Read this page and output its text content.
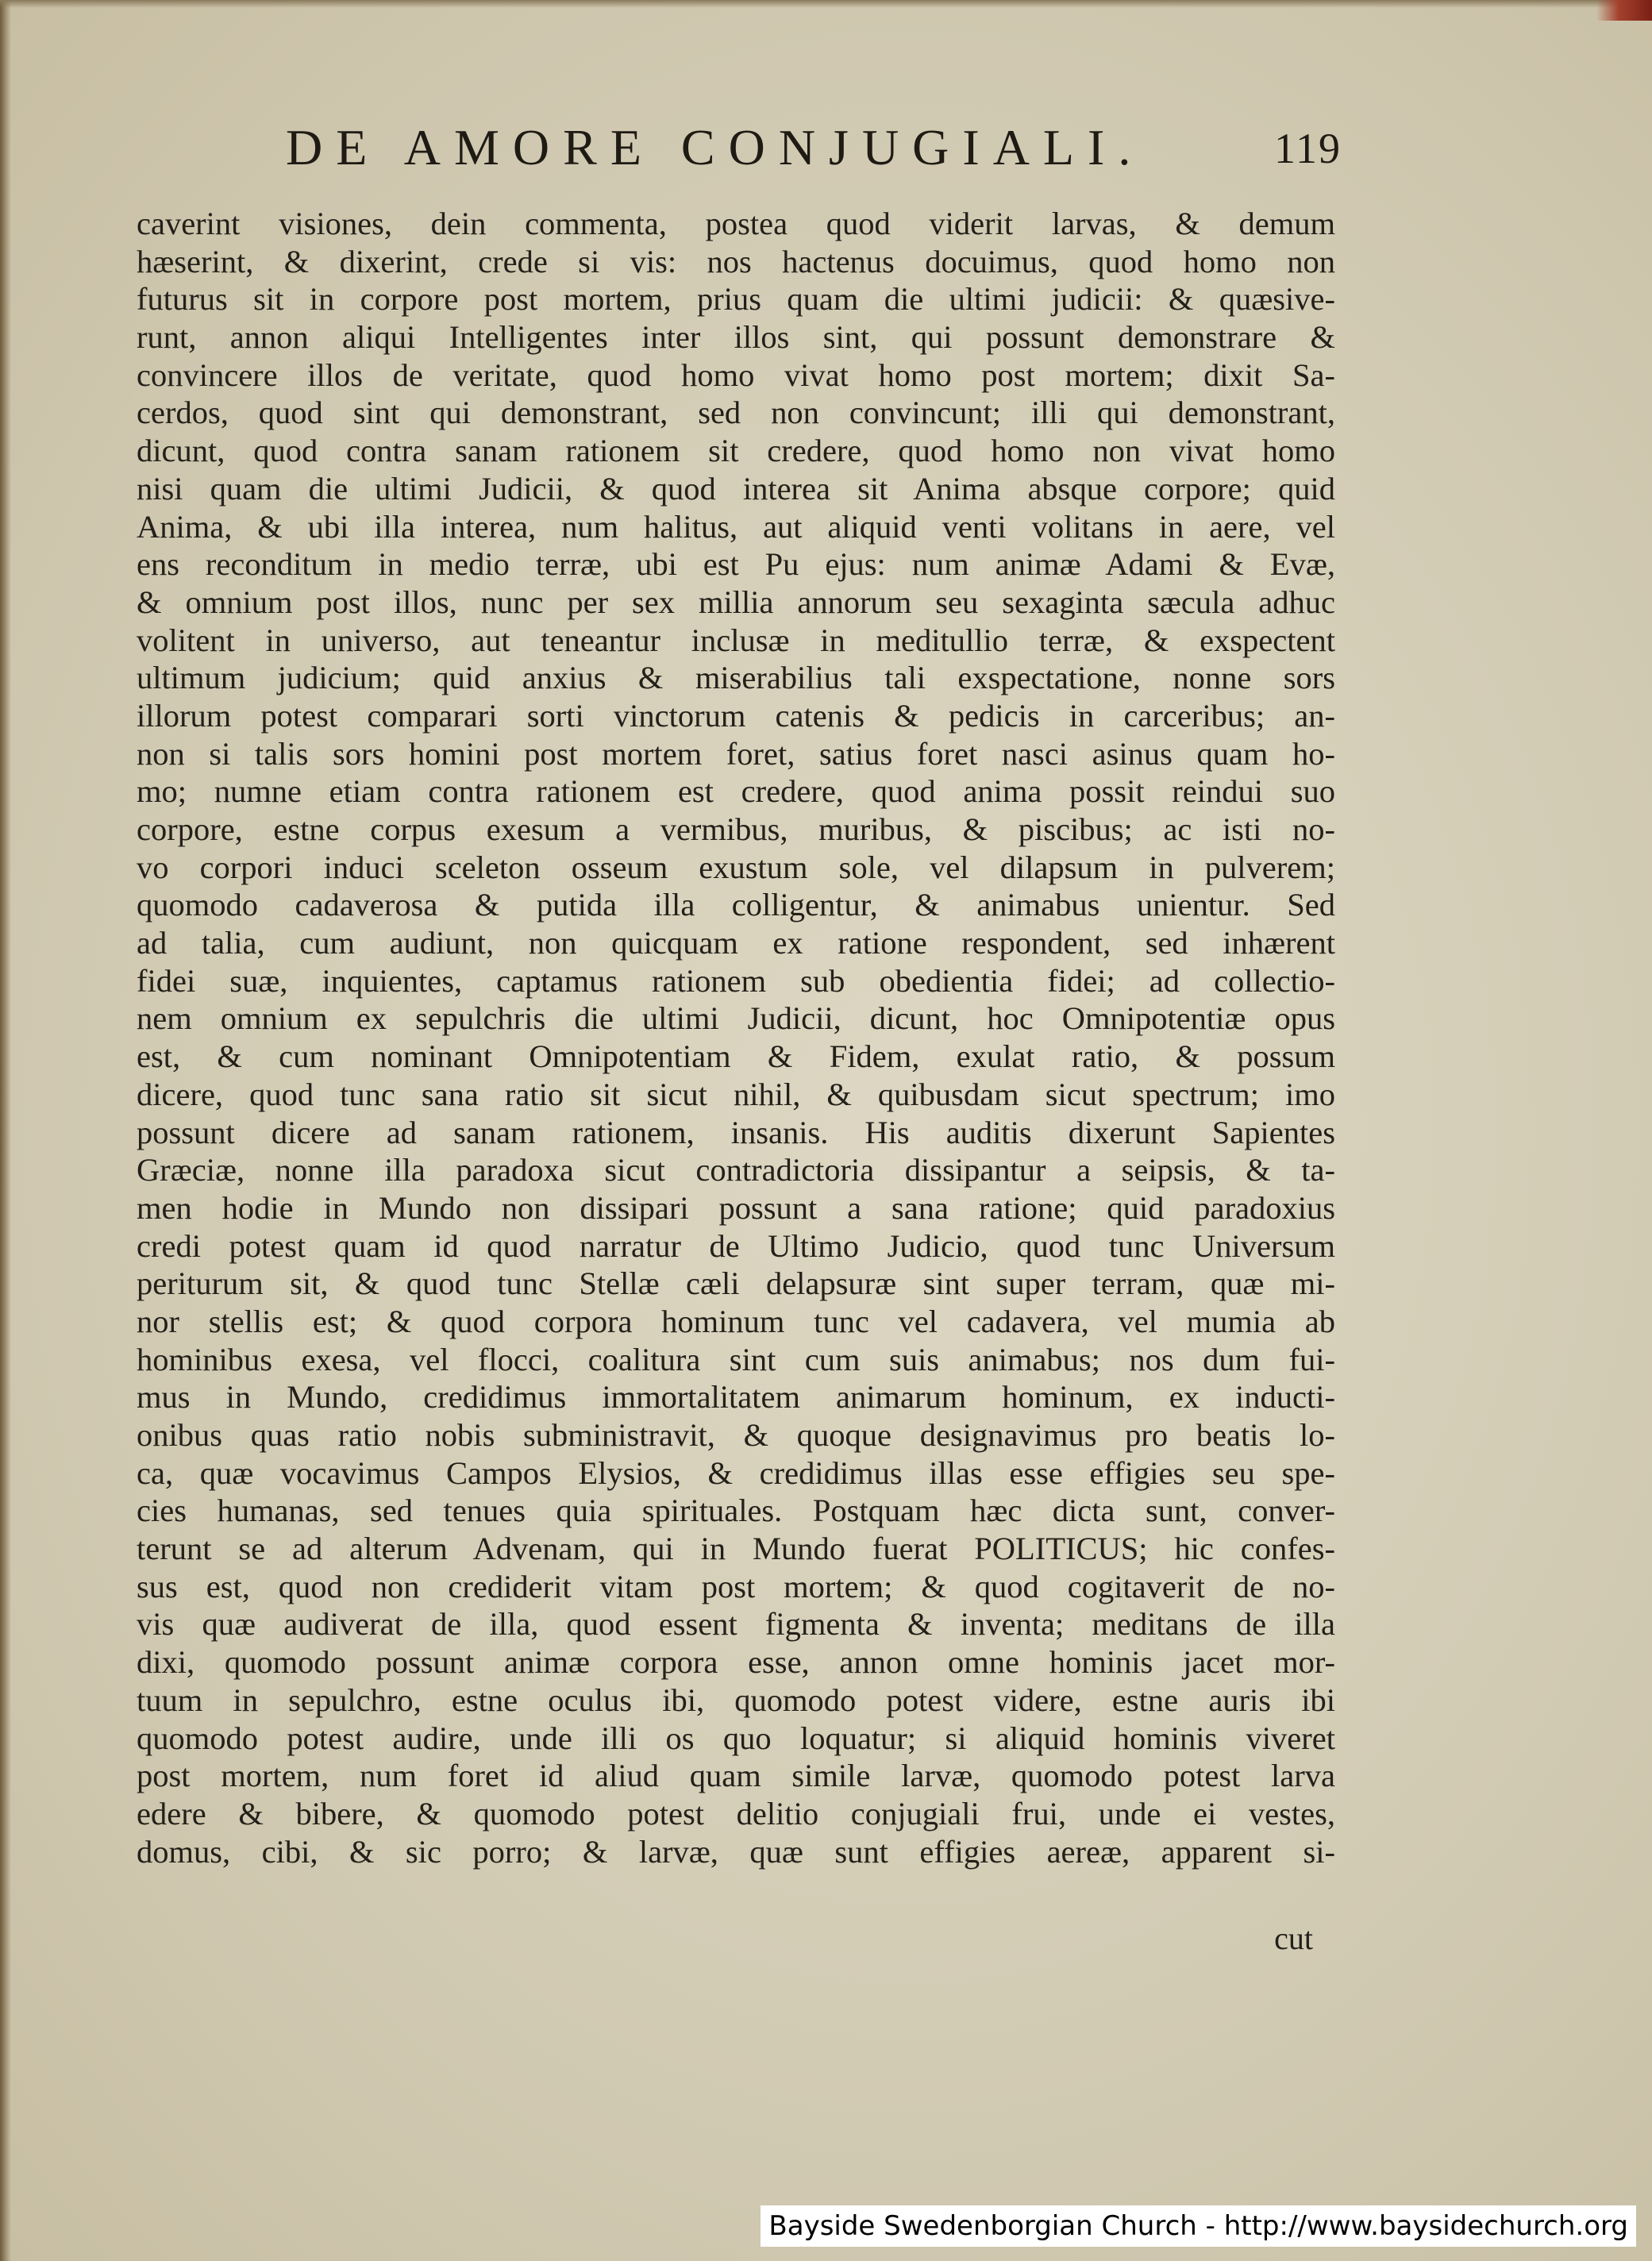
DE AMORE CONJUGIALI.	119
caverint visiones, dein commenta, postea quod viderit larvas, & demum
hæserint, & dixerint, crede si vis: nos hactenus docuimus, quod homo non
futurus sit in corpore post mortem, prius quam die ultimi judicii: & quæsive-
runt, annon aliqui Intelligentes inter illos sint, qui possunt demonstrare &
convincere illos de veritate, quod homo vivat homo post mortem; dixit Sa-
cerdos, quod sint qui demonstrant, sed non convincunt; illi qui demonstrant,
dicunt, quod contra sanam rationem sit credere, quod homo non vivat homo
nisi quam die ultimi Judicii, & quod interea sit Anima absque corpore; quid
Anima, & ubi illa interea, num halitus, aut aliquid venti volitans in aere, vel
ens reconditum in medio terræ, ubi est Pu ejus: num animæ Adami & Evæ,
& omnium post illos, nunc per sex millia annorum seu sexaginta sæcula adhuc
volitent in universo, aut teneantur inclusæ in meditullio terræ, & exspectent
ultimum judicium; quid anxius & miserabilius tali exspectatione, nonne sors
illorum potest comparari sorti vinctorum catenis & pedicis in carceribus; an-
non si talis sors homini post mortem foret, satius foret nasci asinus quam ho-
mo; numne etiam contra rationem est credere, quod anima possit reindui suo
corpore, estne corpus exesum a vermibus, muribus, & piscibus; ac isti no-
vo corpori induci sceleton osseum exustum sole, vel dilapsum in pulverem;
quomodo cadaverosa & putida illa colligentur, & animabus unientur. Sed
ad talia, cum audiunt, non quicquam ex ratione respondent, sed inhærent
fidei suæ, inquientes, captamus rationem sub obedientia fidei; ad collectio-
nem omnium ex sepulchris die ultimi Judicii, dicunt, hoc Omnipotentiæ opus
est, & cum nominant Omnipotentiam & Fidem, exulat ratio, & possum
dicere, quod tunc sana ratio sit sicut nihil, & quibusdam sicut spectrum; imo
possunt dicere ad sanam rationem, insanis. His auditis dixerunt Sapientes
Græciæ, nonne illa paradoxa sicut contradictoria dissipantur a seipsis, & ta-
men hodie in Mundo non dissipari possunt a sana ratione; quid paradoxius
credi potest quam id quod narratur de Ultimo Judicio, quod tunc Universum
periturum sit, & quod tunc Stellæ cæli delapsuræ sint super terram, quæ mi-
nor stellis est; & quod corpora hominum tunc vel cadavera, vel mumia ab
hominibus exesa, vel flocci, coalitura sint cum suis animabus; nos dum fui-
mus in Mundo, credidimus immortalitatem animarum hominum, ex inducti-
onibus quas ratio nobis subministravit, & quoque designavimus pro beatis lo-
ca, quæ vocavimus Campos Elysios, & credidimus illas esse effigies seu spe-
cies humanas, sed tenues quia spirituales. Postquam hæc dicta sunt, conver-
terunt se ad alterum Advenam, qui in Mundo fuerat POLITICUS; hic confes-
sus est, quod non crediderit vitam post mortem; & quod cogitaverit de no-
vis quæ audiverat de illa, quod essent figmenta & inventa; meditans de illa
dixi, quomodo possunt animæ corpora esse, annon omne hominis jacet mor-
tuum in sepulchro, estne oculus ibi, quomodo potest videre, estne auris ibi
quomodo potest audire, unde illi os quo loquatur; si aliquid hominis viveret
post mortem, num foret id aliud quam simile larvæ, quomodo potest larva
edere & bibere, & quomodo potest delitio conjugiali frui, unde ei vestes,
domus, cibi, & sic porro; & larvæ, quæ sunt effigies aereæ, apparent si-
cut
Bayside Swedenborgian Church - http://www.baysidechurch.org
